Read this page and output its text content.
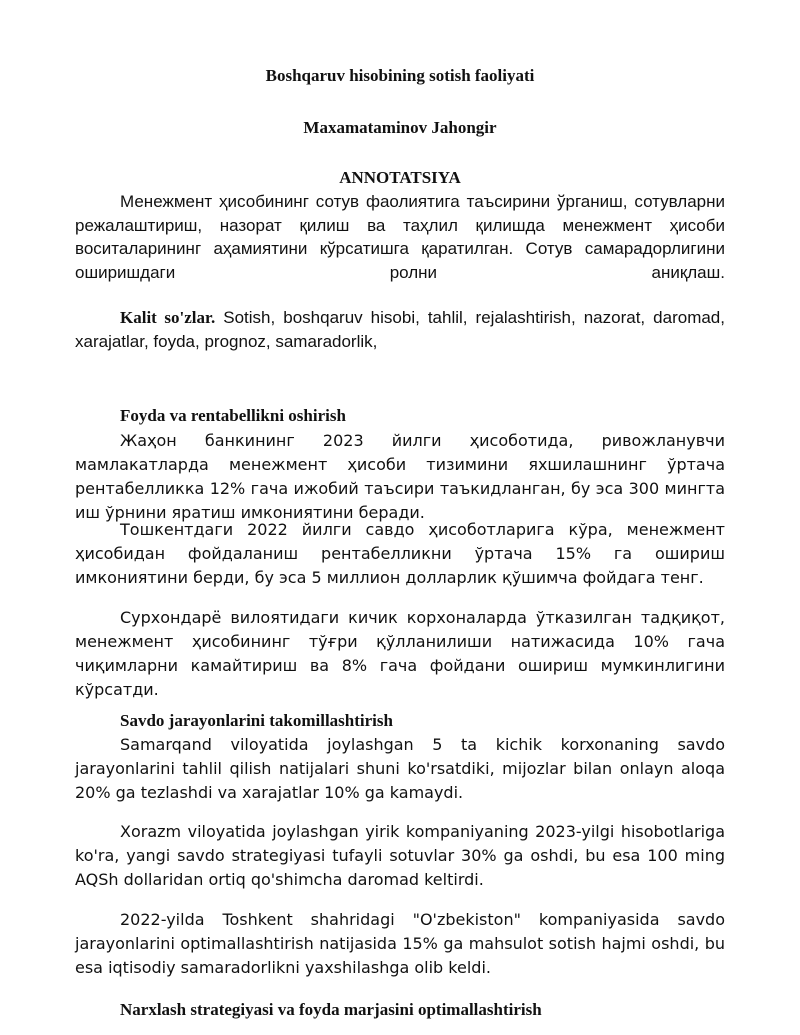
Boshqaruv hisobining sotish faoliyati
Maxamataminov Jahongir
ANNOTATSIYA

Менежмент ҳисобининг сотув фаолиятига таъсирини ўрганиш, сотувларни режалаштириш, назорат қилиш ва таҳлил қилишда менежмент ҳисоби воситаларининг аҳамиятини кўрсатишга қаратилган. Сотув самарадорлигини оширишдаги ролни аниқлаш.

Kalit so'zlar. Sotish, boshqaruv hisobi, tahlil, rejalashtirish, nazorat, daromad, xarajatlar, foyda, prognoz, samaradorlik,

Foyda va rentabellikni oshirish

Жаҳон банкининг 2023 йилги ҳисоботида, ривожланувчи мамлакатларда менежмент ҳисоби тизимини яхшилашнинг ўртача рентабелликка 12% гача ижобий таъсири таъкидланган, бу эса 300 мингта иш ўрнини яратиш имкониятини беради.

Тошкентдаги 2022 йилги савдо ҳисоботларига кўра, менежмент ҳисобидан фойдаланиш рентабелликни ўртача 15% га ошириш имкониятини берди, бу эса 5 миллион долларлик қўшимча фойдага тенг.

Сурхондарё вилоятидаги кичик корхоналарда ўтказилган тадқиқот, менежмент ҳисобининг тўғри қўлланилиши натижасида 10% гача чиқимларни камайтириш ва 8% гача фойдани ошириш мумкинлигини кўрсатди.

Savdo jarayonlarini takomillashtirish

Samarqand viloyatida joylashgan 5 ta kichik korxonaning savdo jarayonlarini tahlil qilish natijalari shuni ko'rsatdiki, mijozlar bilan onlayn aloqa 20% ga tezlashdi va xarajatlar 10% ga kamaydi.

Xorazm viloyatida joylashgan yirik kompaniyaning 2023-yilgi hisobotlariga ko'ra, yangi savdo strategiyasi tufayli sotuvlar 30% ga oshdi, bu esa 100 ming AQSh dollaridan ortiq qo'shimcha daromad keltirdi.

2022-yilda Toshkent shahridagi "O'zbekiston" kompaniyasida savdo jarayonlarini optimallashtirish natijasida 15% ga mahsulot sotish hajmi oshdi, bu esa iqtisodiy samaradorlikni yaxshilashga olib keldi.

Narxlash strategiyasi va foyda marjasini optimallashtirish
